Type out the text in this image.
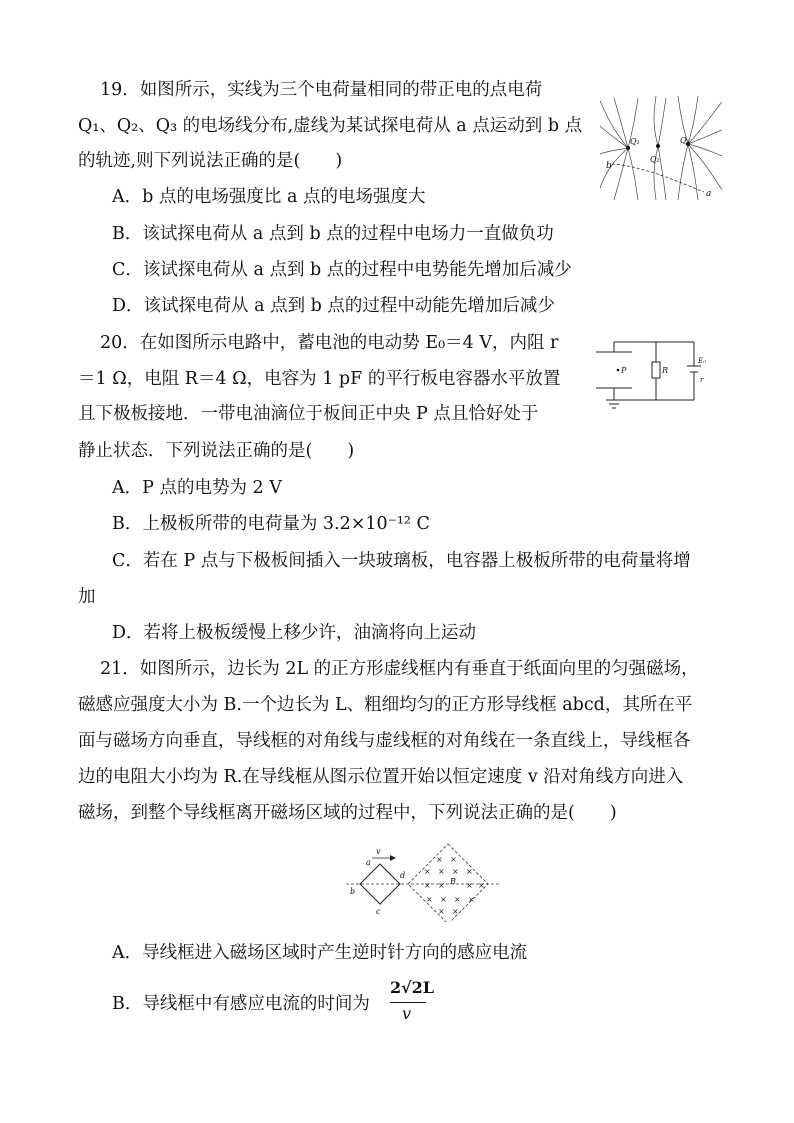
19．如图所示，实线为三个电荷量相同的带正电的点电荷
Q₁、Q₂、Q₃ 的电场线分布,虚线为某试探电荷从 a 点运动到 b 点
的轨迹,则下列说法正确的是(　　)
A．b 点的电场强度比 a 点的电场强度大
B．该试探电荷从 a 点到 b 点的过程中电场力一直做负功
C．该试探电荷从 a 点到 b 点的过程中电势能先增加后减少
D．该试探电荷从 a 点到 b 点的过程中动能先增加后减少
Q₁
Q₂
Q₃
b
a
20．在如图所示电路中，蓄电池的电动势 E₀＝4 V，内阻 r
＝1 Ω，电阻 R＝4 Ω，电容为 1 pF 的平行板电容器水平放置
且下极板接地．一带电油滴位于板间正中央 P 点且恰好处于
静止状态．下列说法正确的是(　　)
A．P 点的电势为 2 V
B．上极板所带的电荷量为 3.2×10⁻¹² C
C．若在 P 点与下极板间插入一块玻璃板，电容器上极板所带的电荷量将增
加
D．若将上极板缓慢上移少许，油滴将向上运动
P	R
E₀
r
21．如图所示，边长为 2L 的正方形虚线框内有垂直于纸面向里的匀强磁场，
磁感应强度大小为 B.一个边长为 L、粗细均匀的正方形导线框 abcd，其所在平
面与磁场方向垂直，导线框的对角线与虚线框的对角线在一条直线上，导线框各
边的电阻大小均为 R.在导线框从图示位置开始以恒定速度 v 沿对角线方向进入
磁场，到整个导线框离开磁场区域的过程中，下列说法正确的是(　　)
× ×
× × × ×
× ×	× ×
× × × ×
× ×
v
a
b
c
d
B
A．导线框进入磁场区域时产生逆时针方向的感应电流
B．导线框中有感应电流的时间为
2√2L
v
